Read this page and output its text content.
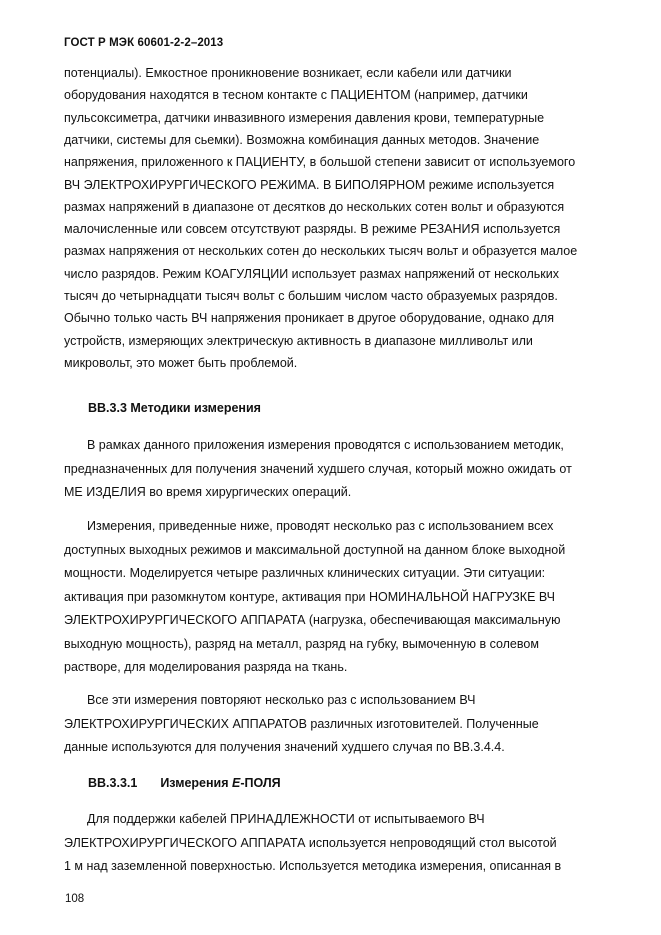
ГОСТ Р МЭК 60601-2-2–2013
потенциалы). Емкостное проникновение возникает, если кабели или датчики
оборудования находятся в тесном контакте с ПАЦИЕНТОМ (например, датчики
пульсоксиметра, датчики инвазивного измерения давления крови, температурные
датчики, системы для сьемки). Возможна комбинация данных методов. Значение
напряжения, приложенного к ПАЦИЕНТУ, в большой степени зависит от используемого
ВЧ ЭЛЕКТРОХИРУРГИЧЕСКОГО РЕЖИМА. В БИПОЛЯРНОМ режиме используется
размах напряжений в диапазоне от десятков до нескольких сотен вольт и образуются
малочисленные или совсем отсутствуют разряды. В режиме РЕЗАНИЯ используется
размах напряжения от нескольких сотен до нескольких тысяч вольт и образуется малое
число разрядов. Режим КОАГУЛЯЦИИ использует размах напряжений от нескольких
тысяч до четырнадцати тысяч вольт с большим числом часто образуемых разрядов.
Обычно только часть ВЧ напряжения проникает в другое оборудование, однако для
устройств, измеряющих электрическую активность в диапазоне милливольт или
микровольт, это может быть проблемой.
ВВ.3.3 Методики измерения
В рамках данного приложения измерения проводятся с использованием методик,
предназначенных для получения значений худшего случая, который можно ожидать от
МЕ ИЗДЕЛИЯ во время хирургических операций.
Измерения, приведенные ниже, проводят несколько раз с использованием всех
доступных выходных режимов и максимальной доступной на данном блоке выходной
мощности. Моделируется четыре различных клинических ситуации. Эти ситуации:
активация при разомкнутом контуре, активация при НОМИНАЛЬНОЙ НАГРУЗКЕ ВЧ
ЭЛЕКТРОХИРУРГИЧЕСКОГО АППАРАТА (нагрузка, обеспечивающая максимальную
выходную мощность), разряд на металл, разряд на губку, вымоченную в солевом
растворе, для моделирования разряда на ткань.
Все эти измерения повторяют несколько раз с использованием ВЧ
ЭЛЕКТРОХИРУРГИЧЕСКИХ АППАРАТОВ различных изготовителей. Полученные
данные используются для получения значений худшего случая по ВВ.3.4.4.
ВВ.3.3.1 Измерения Е-ПОЛЯ
Для поддержки кабелей ПРИНАДЛЕЖНОСТИ от испытываемого ВЧ
ЭЛЕКТРОХИРУРГИЧЕСКОГО АППАРАТА используется непроводящий стол высотой
1 м над заземленной поверхностью. Используется методика измерения, описанная в
108
